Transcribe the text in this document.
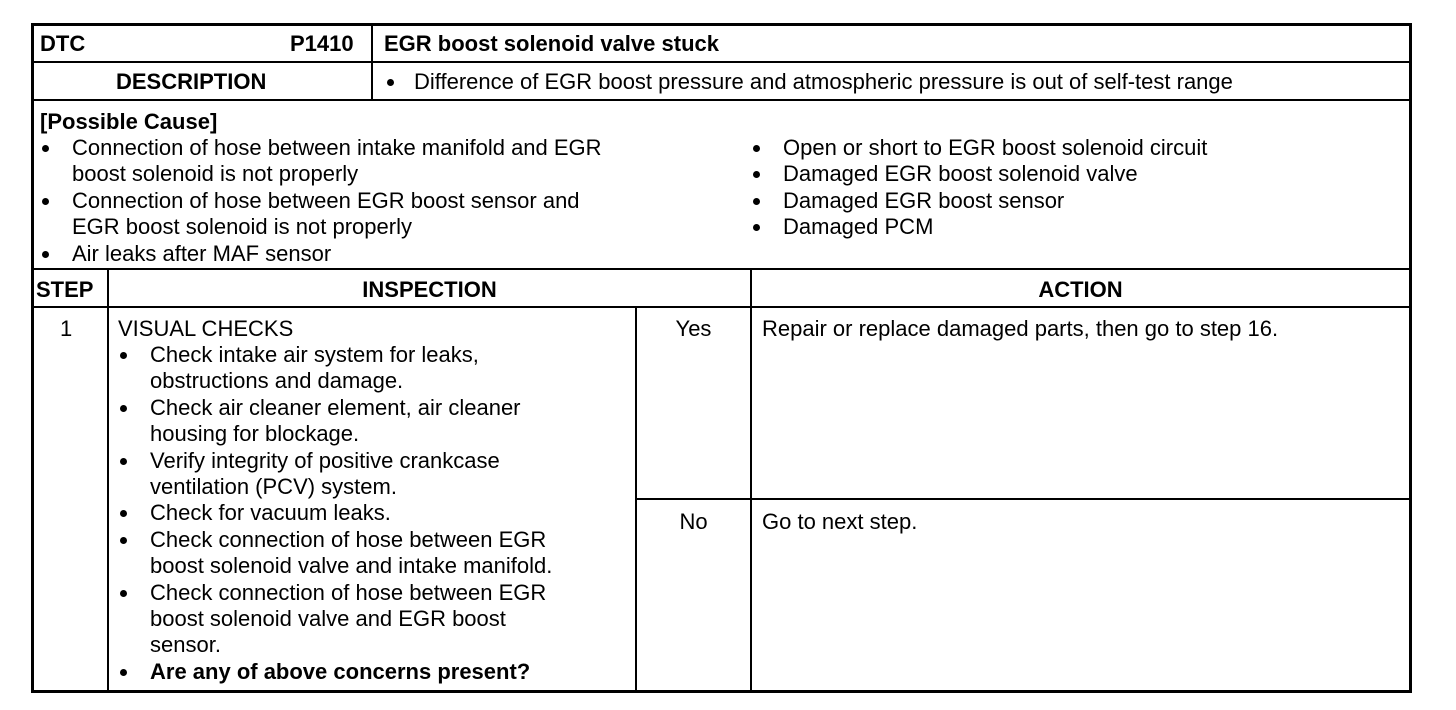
DTC	P1410 EGR boost solenoid valve stuck
DESCRIPTION	Difference of EGR boost pressure and atmospheric pressure is out of self-test range
[Possible Cause]
Connection of hose between intake manifold and EGR
boost solenoid is not properly
Connection of hose between EGR boost sensor and
EGR boost solenoid is not properly
Air leaks after MAF sensor
Open or short to EGR boost solenoid circuit
Damaged EGR boost solenoid valve
Damaged EGR boost sensor
Damaged PCM
STEP	INSPECTION	ACTION
1 VISUAL CHECKS
Check intake air system for leaks,
obstructions and damage.
Check air cleaner element, air cleaner
housing for blockage.
Verify integrity of positive crankcase
ventilation (PCV) system.
Check for vacuum leaks.
Check connection of hose between EGR
boost solenoid valve and intake manifold.
Check connection of hose between EGR
boost solenoid valve and EGR boost
sensor.
Are any of above concerns present?
Yes	Repair or replace damaged parts, then go to step 16.
No	Go to next step.
